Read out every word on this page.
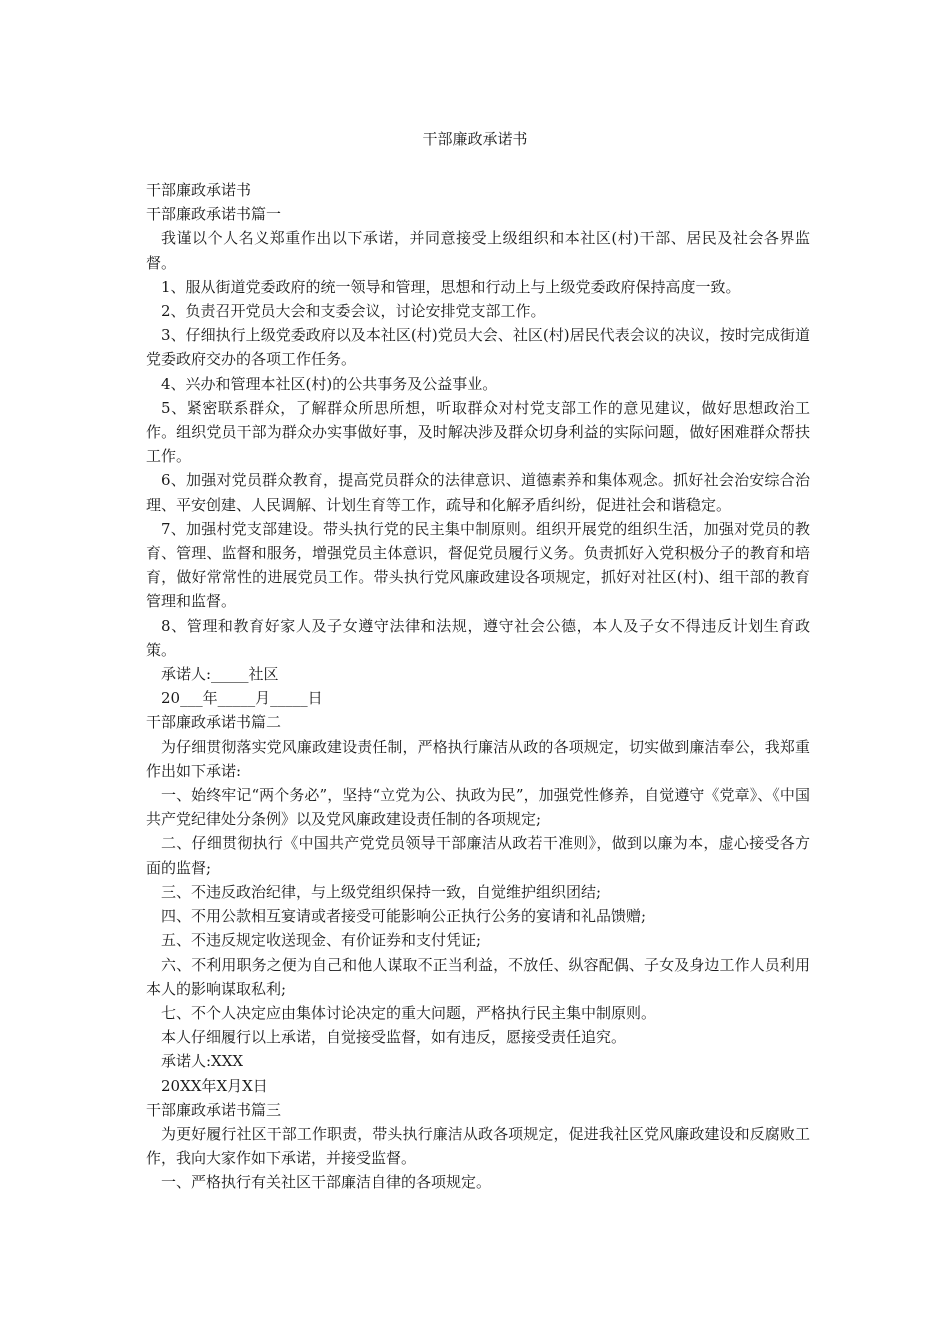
干部廉政承诺书

干部廉政承诺书

干部廉政承诺书篇一

我谨以个人名义郑重作出以下承诺，并同意接受上级组织和本社区(村)干部、居民及社会各界监督。

1、服从街道党委政府的统一领导和管理，思想和行动上与上级党委政府保持高度一致。

2、负责召开党员大会和支委会议，讨论安排党支部工作。

3、仔细执行上级党委政府以及本社区(村)党员大会、社区(村)居民代表会议的决议，按时完成街道党委政府交办的各项工作任务。

4、兴办和管理本社区(村)的公共事务及公益事业。

5、紧密联系群众，了解群众所思所想，听取群众对村党支部工作的意见建议，做好思想政治工作。组织党员干部为群众办实事做好事，及时解决涉及群众切身利益的实际问题，做好困难群众帮扶工作。

6、加强对党员群众教育，提高党员群众的法律意识、道德素养和集体观念。抓好社会治安综合治理、平安创建、人民调解、计划生育等工作，疏导和化解矛盾纠纷，促进社会和谐稳定。

7、加强村党支部建设。带头执行党的民主集中制原则。组织开展党的组织生活，加强对党员的教育、管理、监督和服务，增强党员主体意识，督促党员履行义务。负责抓好入党积极分子的教育和培育，做好常常性的进展党员工作。带头执行党风廉政建设各项规定，抓好对社区(村)、组干部的教育管理和监督。

8、管理和教育好家人及子女遵守法律和法规，遵守社会公德，本人及子女不得违反计划生育政策。

承诺人:_____社区

20___年_____月_____日

干部廉政承诺书篇二

为仔细贯彻落实党风廉政建设责任制，严格执行廉洁从政的各项规定，切实做到廉洁奉公，我郑重作出如下承诺:

一、始终牢记“两个务必”，坚持“立党为公、执政为民”，加强党性修养，自觉遵守《党章》、《中国共产党纪律处分条例》以及党风廉政建设责任制的各项规定;

二、仔细贯彻执行《中国共产党党员领导干部廉洁从政若干准则》，做到以廉为本，虚心接受各方面的监督;

三、不违反政治纪律，与上级党组织保持一致，自觉维护组织团结;

四、不用公款相互宴请或者接受可能影响公正执行公务的宴请和礼品馈赠;

五、不违反规定收送现金、有价证券和支付凭证;

六、不利用职务之便为自己和他人谋取不正当利益，不放任、纵容配偶、子女及身边工作人员利用本人的影响谋取私利;

七、不个人决定应由集体讨论决定的重大问题，严格执行民主集中制原则。

本人仔细履行以上承诺，自觉接受监督，如有违反，愿接受责任追究。

承诺人:XXX

20XX年X月X日

干部廉政承诺书篇三

为更好履行社区干部工作职责，带头执行廉洁从政各项规定，促进我社区党风廉政建设和反腐败工作，我向大家作如下承诺，并接受监督。

一、严格执行有关社区干部廉洁自律的各项规定。
